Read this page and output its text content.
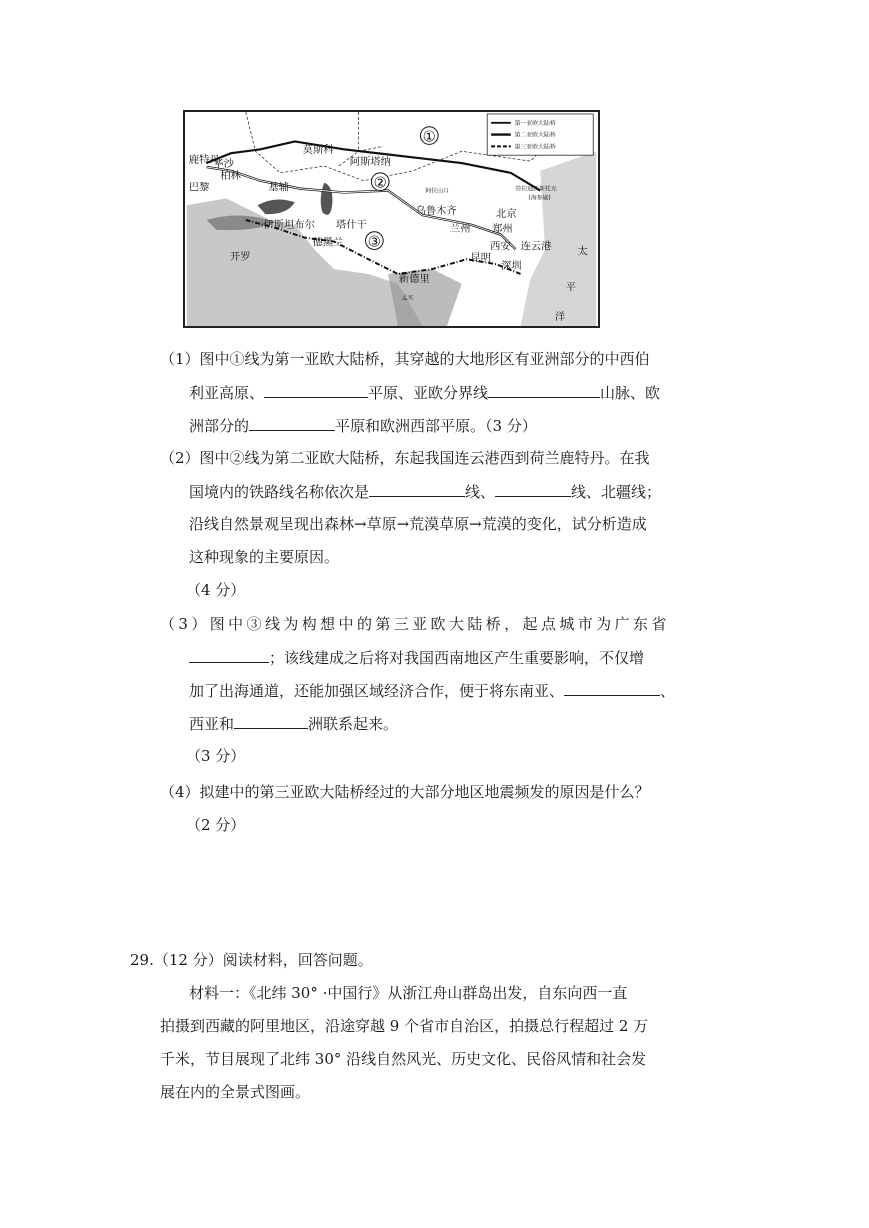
第一亚欧大陆桥
第二亚欧大陆桥
第三亚欧大陆桥
①
②
③
莫斯科
阿斯塔纳
华沙
鹿特丹
柏林
巴黎	基辅	阿拉山口	符拉迪沃斯托克
(海参崴)
北京
乌鲁木齐
塔什干
伊斯坦布尔
德黑兰
郑州
兰州
西安 连云港
开罗	昆明
深圳
新德里
孟买
太
平
洋
（1）图中①线为第一亚欧大陆桥，其穿越的大地形区有亚洲部分的中西伯
利亚高原、	平原、亚欧分界线	山脉、欧
洲部分的	平原和欧洲西部平原。（3 分）
（2）图中②线为第二亚欧大陆桥，东起我国连云港西到荷兰鹿特丹。在我
国境内的铁路线名称依次是	线、	线、北疆线；
沿线自然景观呈现出森林→草原→荒漠草原→荒漠的变化，试分析造成
这种现象的主要原因。
（4 分）
（3）图中③线为构想中的第三亚欧大陆桥，起点城市为广东省
；该线建成之后将对我国西南地区产生重要影响，不仅增
加了出海通道，还能加强区域经济合作，便于将东南亚、	、
西亚和	洲联系起来。
（3 分）
（4）拟建中的第三亚欧大陆桥经过的大部分地区地震频发的原因是什么？
（2 分）
29.（12 分）阅读材料，回答问题。
材料一：《北纬 30° ·中国行》从浙江舟山群岛出发，自东向西一直
拍摄到西藏的阿里地区，沿途穿越 9 个省市自治区，拍摄总行程超过 2 万
千米，节目展现了北纬 30° 沿线自然风光、历史文化、民俗风情和社会发
展在内的全景式图画。
